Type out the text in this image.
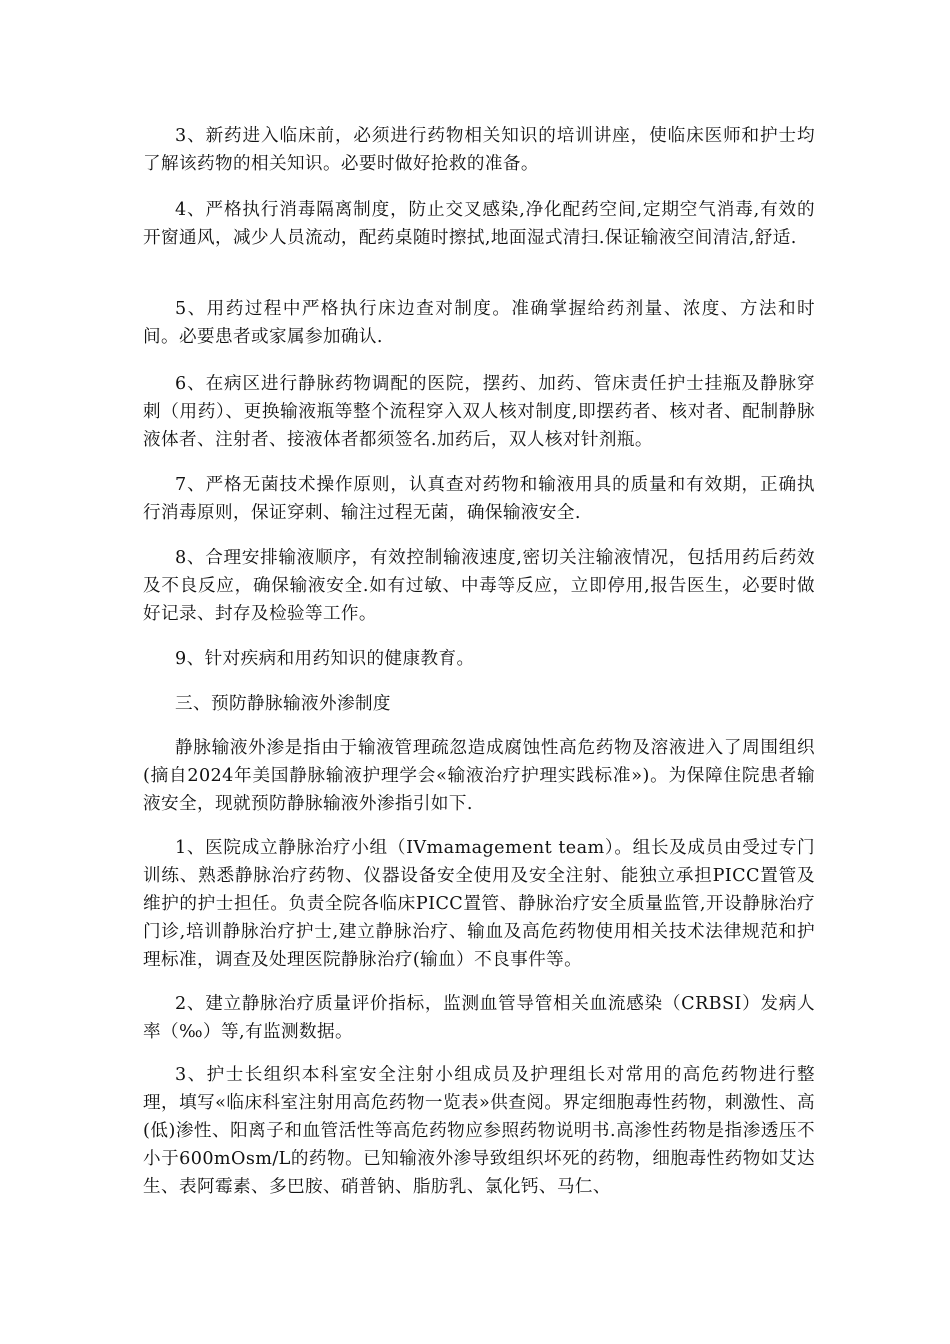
3、新药进入临床前，必须进行药物相关知识的培训讲座，使临床医师和护士均了解该药物的相关知识。必要时做好抢救的准备。

4、严格执行消毒隔离制度，防止交叉感染,净化配药空间,定期空气消毒,有效的开窗通风，减少人员流动，配药桌随时擦拭,地面湿式清扫.保证输液空间清洁,舒适.

5、用药过程中严格执行床边查对制度。准确掌握给药剂量、浓度、方法和时间。必要患者或家属参加确认.

6、在病区进行静脉药物调配的医院，摆药、加药、管床责任护士挂瓶及静脉穿刺（用药）、更换输液瓶等整个流程穿入双人核对制度,即摆药者、核对者、配制静脉液体者、注射者、接液体者都须签名.加药后，双人核对针剂瓶。

7、严格无菌技术操作原则，认真查对药物和输液用具的质量和有效期，正确执行消毒原则，保证穿刺、输注过程无菌，确保输液安全.

8、合理安排输液顺序，有效控制输液速度,密切关注输液情况，包括用药后药效及不良反应，确保输液安全.如有过敏、中毒等反应，立即停用,报告医生，必要时做好记录、封存及检验等工作。

9、针对疾病和用药知识的健康教育。

三、预防静脉输液外渗制度

静脉输液外渗是指由于输液管理疏忽造成腐蚀性高危药物及溶液进入了周围组织(摘自2024年美国静脉输液护理学会«输液治疗护理实践标准»)。为保障住院患者输液安全，现就预防静脉输液外渗指引如下.

1、医院成立静脉治疗小组（IVmamagement team）。组长及成员由受过专门训练、熟悉静脉治疗药物、仪器设备安全使用及安全注射、能独立承担PICC置管及维护的护士担任。负责全院各临床PICC置管、静脉治疗安全质量监管,开设静脉治疗门诊,培训静脉治疗护士,建立静脉治疗、输血及高危药物使用相关技术法律规范和护理标准，调查及处理医院静脉治疗(输血）不良事件等。

2、建立静脉治疗质量评价指标，监测血管导管相关血流感染（CRBSI）发病人率（‰）等,有监测数据。

3、护士长组织本科室安全注射小组成员及护理组长对常用的高危药物进行整理，填写«临床科室注射用高危药物一览表»供查阅。界定细胞毒性药物，刺激性、高(低)渗性、阳离子和血管活性等高危药物应参照药物说明书.高渗性药物是指渗透压不小于600mOsm/L的药物。已知输液外渗导致组织坏死的药物，细胞毒性药物如艾达生、表阿霉素、多巴胺、硝普钠、脂肪乳、氯化钙、马仁、
